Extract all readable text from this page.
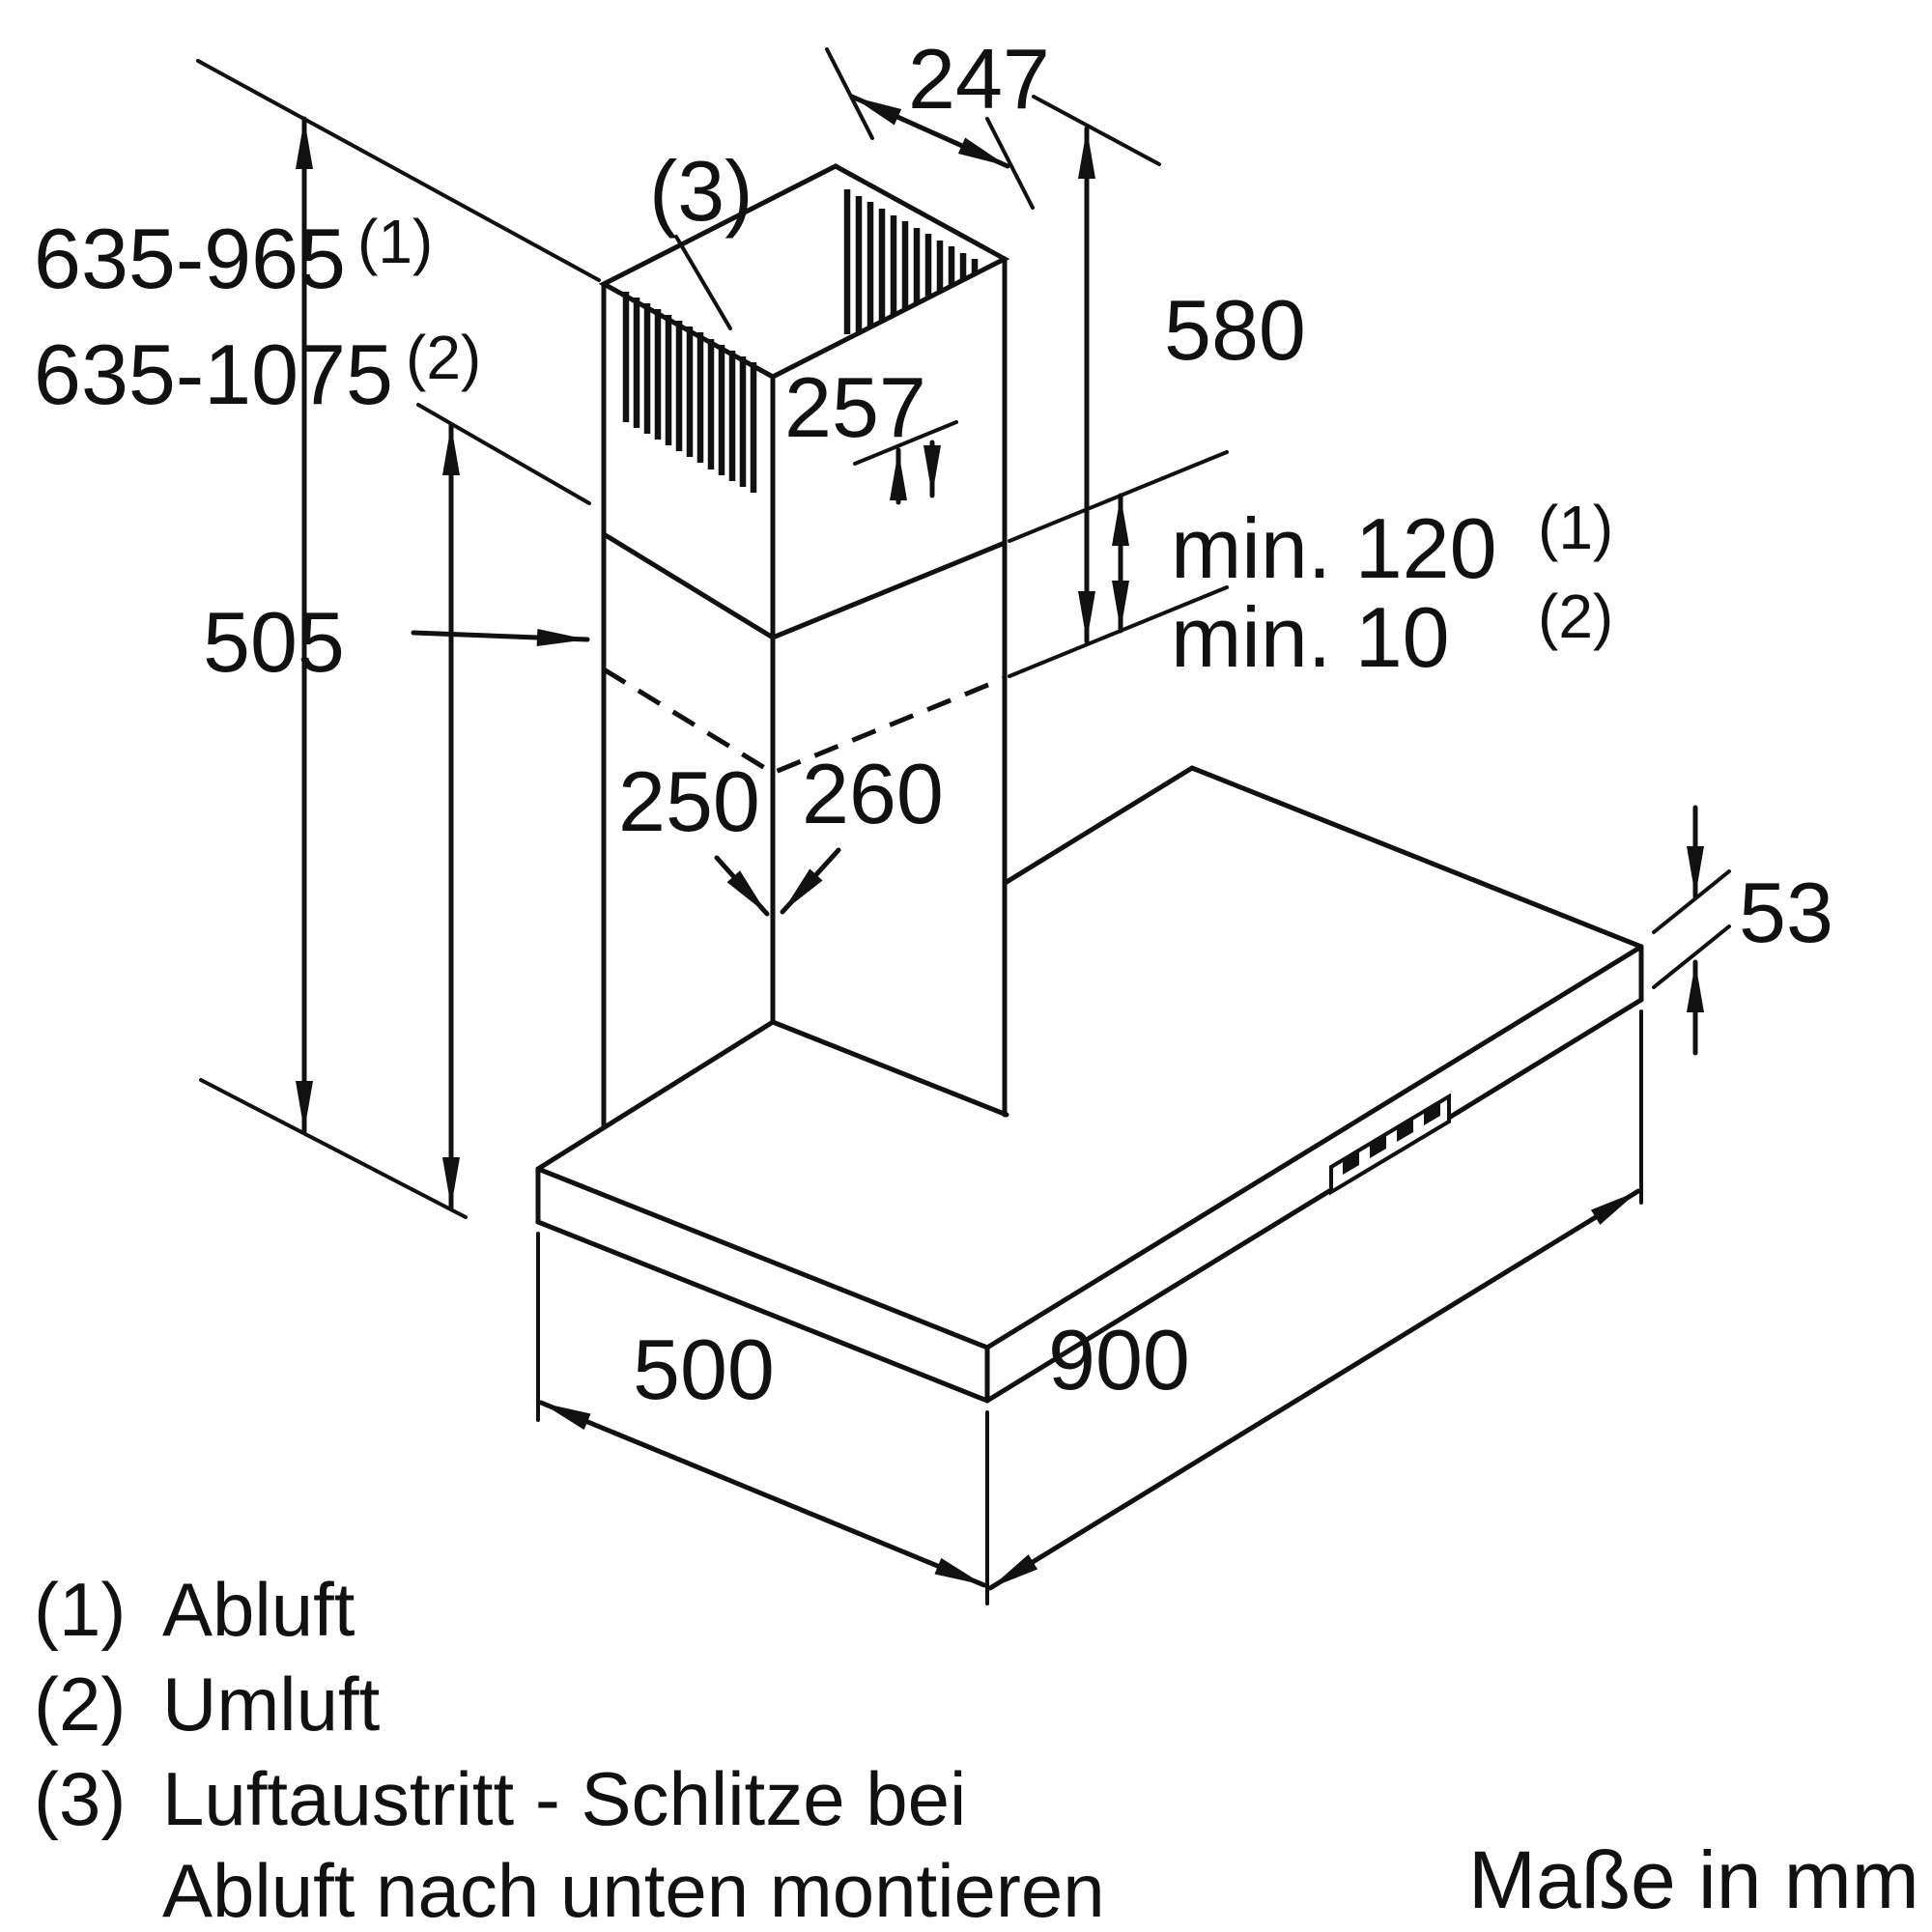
635-965 (1)
635-1075 (2)
247
580
257
min. 120 (1)
min. 10 (2)
505
250 260
53
900
500
(3)
(1) Abluft
(2) Umluft
(3) Luftaustritt - Schlitze bei
Abluft nach unten montieren	Maße in mm
